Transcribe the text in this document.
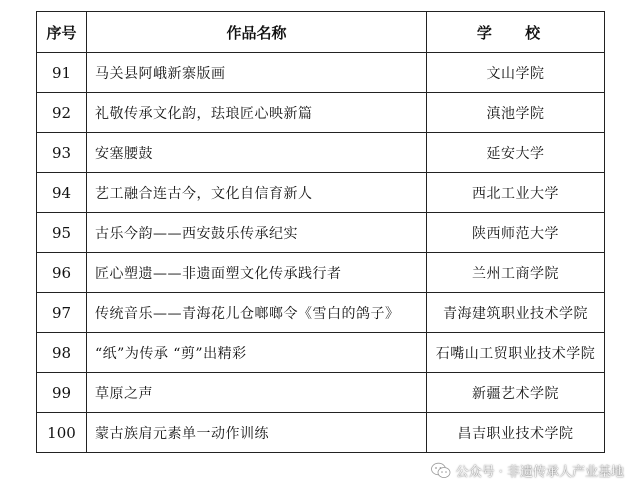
序号	作品名称	学 校
91	马关县阿峨新寨版画	文山学院
92	礼敬传承文化韵，珐琅匠心映新篇	滇池学院
93	安塞腰鼓	延安大学
94	艺工融合连古今，文化自信育新人	西北工业大学
95	古乐今韵——西安鼓乐传承纪实	陕西师范大学
96	匠心塑遗——非遗面塑文化传承践行者	兰州工商学院
97	传统音乐——青海花儿仓啷啷令《雪白的鸽子》	青海建筑职业技术学院
98	“纸”为传承 “剪”出精彩	石嘴山工贸职业技术学院
99	草原之声	新疆艺术学院
100	蒙古族肩元素单一动作训练	昌吉职业技术学院
公众号 · 非遗传承人产业基地
